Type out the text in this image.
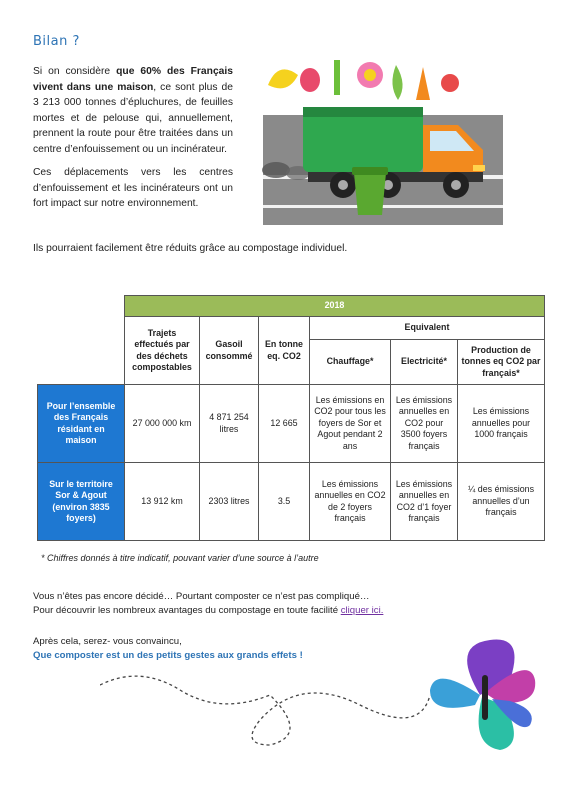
Bilan ?

Si on considère que 60% des Français vivent dans une maison, ce sont plus de 3 213 000 tonnes d’épluchures, de feuilles mortes et de pelouse qui, annuellement, prennent la route pour être traitées dans un centre d’enfouissement ou un incinérateur.

Ces déplacements vers les centres d’enfouissement et les incinérateurs ont un fort impact sur notre environnement.

Ils pourraient facilement être réduits grâce au compostage individuel.
	2018					
	Trajets effectués par des déchets compostables	Gasoil consommé	En tonne eq. CO2	Equivalent		
				Chauffage*	Electricité*	Production de tonnes eq CO2 par français*
Pour l’ensemble des Français résidant en maison	27 000 000 km	4 871 254 litres	12 665	Les émissions en CO2 pour tous les foyers de Sor et Agout pendant 2 ans	Les émissions annuelles en CO2 pour 3500 foyers français	Les émissions annuelles pour 1000 français
Sur le territoire Sor & Agout (environ 3835 foyers)	13 912 km	2303 litres	3.5	Les émissions annuelles en CO2 de 2 foyers français	Les émissions annuelles en CO2 d’1 foyer français	¼ des émissions annuelles d’un français
* Chiffres donnés à titre indicatif, pouvant varier d’une source à l’autre
Vous n’êtes pas encore décidé… Pourtant composter ce n’est pas compliqué…
Pour découvrir les nombreux avantages du compostage en toute facilité cliquer ici.
Après cela, serez- vous convaincu,
Que composter est un des petits gestes aux grands effets !
